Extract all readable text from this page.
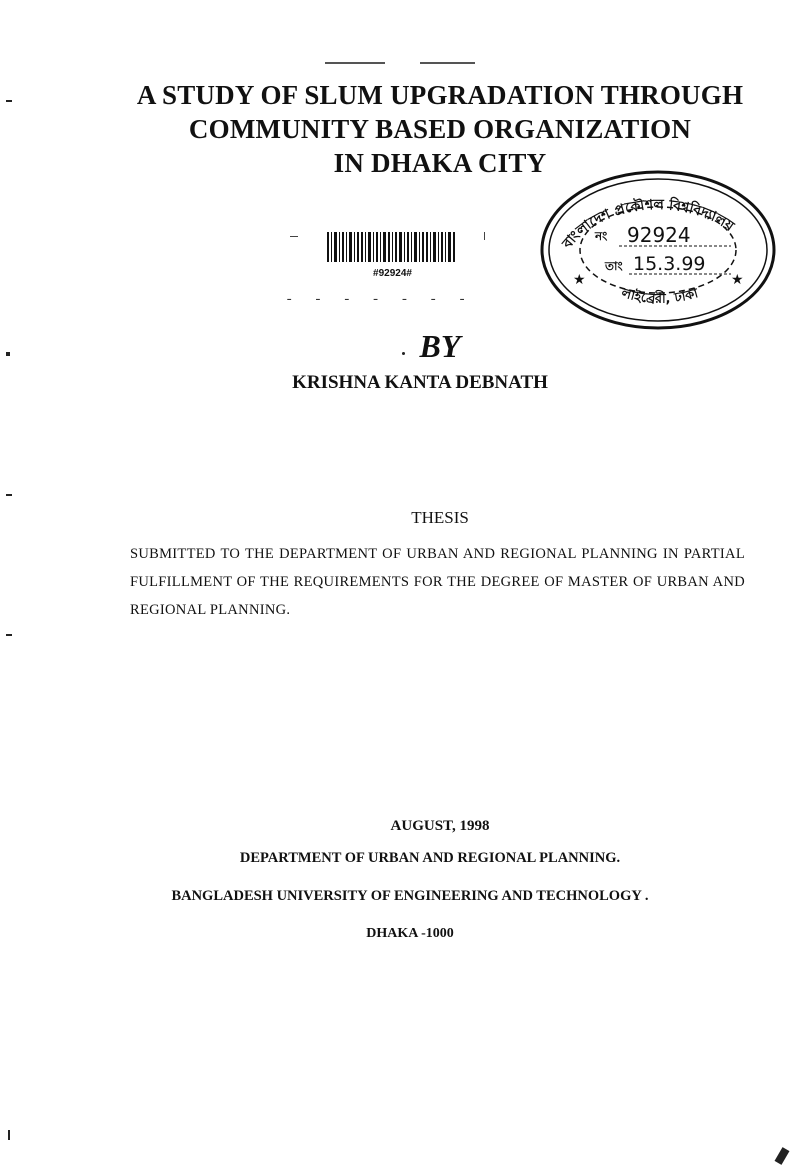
A STUDY OF SLUM UPGRADATION THROUGH
COMMUNITY BASED ORGANIZATION
IN DHAKA CITY
#92924#
- - - - - - -
বাংলাদেশ প্রকৌশল বিশ্ববিদ্যালয়
লাইব্রেরী, ঢাকা
নং 92924
তাং 15.3.99
★	★
BY
KRISHNA KANTA DEBNATH
THESIS
SUBMITTED TO THE DEPARTMENT OF URBAN AND REGIONAL PLANNING IN PARTIAL FULFILLMENT OF THE REQUIREMENTS FOR THE DEGREE OF MASTER OF URBAN AND REGIONAL PLANNING.
AUGUST, 1998
DEPARTMENT OF URBAN AND REGIONAL PLANNING.
BANGLADESH UNIVERSITY OF ENGINEERING AND TECHNOLOGY .
DHAKA -1000
